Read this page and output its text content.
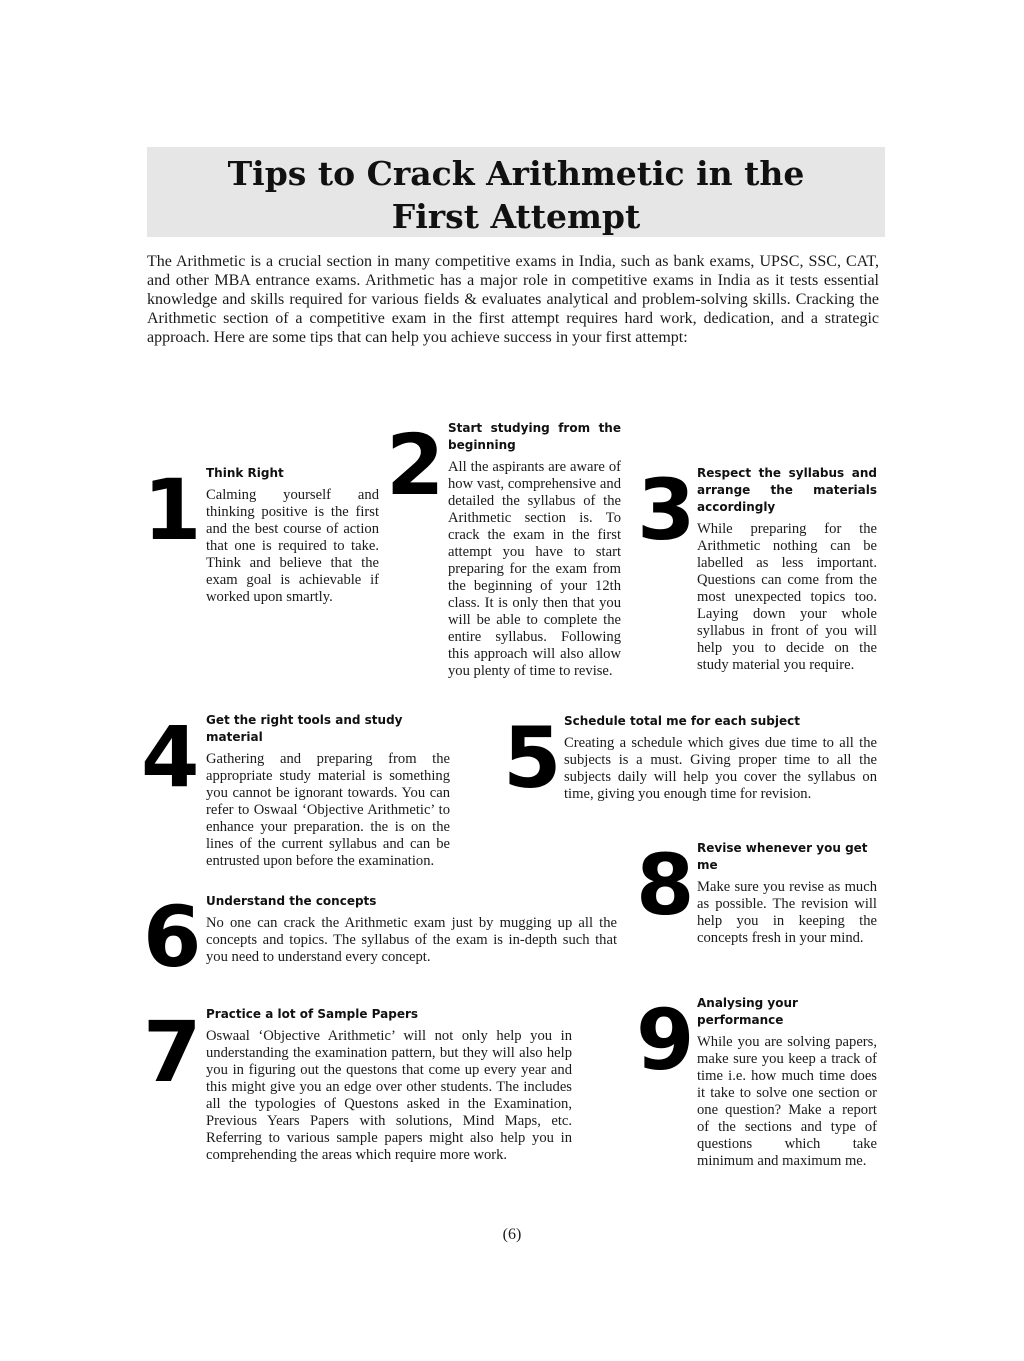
Tips to Crack Arithmetic in the
First Attempt

The Arithmetic is a crucial section in many competitive exams in India, such as bank exams, UPSC, SSC, CAT, and other MBA entrance exams. Arithmetic has a major role in competitive exams in India as it tests essential knowledge and skills required for various fields & evaluates analytical and problem-solving skills. Cracking the Arithmetic section of a competitive exam in the first attempt requires hard work, dedication, and a strategic approach. Here are some tips that can help you achieve success in your first attempt:

1 Think Right

Calming yourself and thinking positive is the first and the best course of action that one is required to take. Think and believe that the exam goal is achievable if worked upon smartly.

2 Start studying from the beginning

All the aspirants are aware of how vast, comprehensive and detailed the syllabus of the Arithmetic section is. To crack the exam in the first attempt you have to start preparing for the exam from the beginning of your 12th class. It is only then that you will be able to complete the entire syllabus. Following this approach will also allow you plenty of time to revise.

3 Respect the syllabus and arrange the materials accordingly

While preparing for the Arithmetic nothing can be labelled as less important. Questions can come from the most unexpected topics too. Laying down your whole syllabus in front of you will help you to decide on the study material you require.

4 Get the right tools and study material

Gathering and preparing from the appropriate study material is something you cannot be ignorant towards. You can refer to Oswaal ‘Objective Arithmetic’ to enhance your preparation. the is on the lines of the current syllabus and can be entrusted upon before the examination.

5 Schedule total me for each subject

Creating a schedule which gives due time to all the subjects is a must. Giving proper time to all the subjects daily will help you cover the syllabus on time, giving you enough time for revision.

6 Understand the concepts

No one can crack the Arithmetic exam just by mugging up all the concepts and topics. The syllabus of the exam is in-depth such that you need to understand every concept.

7 Practice a lot of Sample Papers

Oswaal ‘Objective Arithmetic’ will not only help you in understanding the examination pattern, but they will also help you in figuring out the questons that come up every year and this might give you an edge over other students. The includes all the typologies of Questons asked in the Examination, Previous Years Papers with solutions, Mind Maps, etc. Referring to various sample papers might also help you in comprehending the areas which require more work.

8 Revise whenever you get me

Make sure you revise as much as possible. The revision will help you in keeping the concepts fresh in your mind.

9 Analysing your performance

While you are solving papers, make sure you keep a track of time i.e. how much time does it take to solve one section or one question? Make a report of the sections and type of questions which take minimum and maximum me.

(6)
